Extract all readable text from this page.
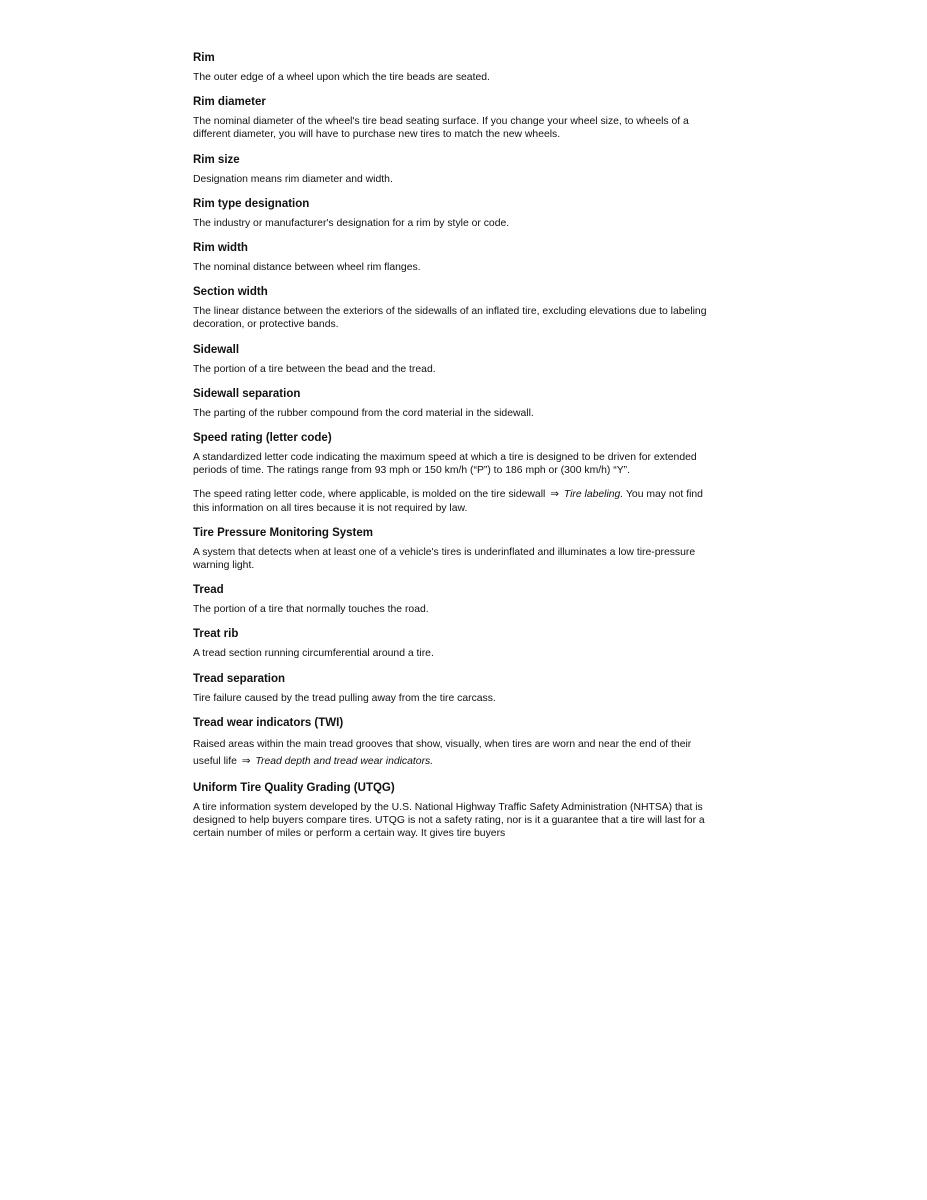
Rim

The outer edge of a wheel upon which the tire beads are seated.

Rim diameter

The nominal diameter of the wheel's tire bead seating surface. If you change your wheel size, to wheels of a different diameter, you will have to purchase new tires to match the new wheels.

Rim size

Designation means rim diameter and width.

Rim type designation

The industry or manufacturer's designation for a rim by style or code.

Rim width

The nominal distance between wheel rim flanges.

Section width

The linear distance between the exteriors of the sidewalls of an inflated tire, excluding elevations due to labeling decoration, or protective bands.

Sidewall

The portion of a tire between the bead and the tread.

Sidewall separation

The parting of the rubber compound from the cord material in the sidewall.

Speed rating (letter code)

A standardized letter code indicating the maximum speed at which a tire is designed to be driven for extended periods of time. The ratings range from 93 mph or 150 km/h (“P”) to 186 mph or (300 km/h) “Y”.

The speed rating letter code, where applicable, is molded on the tire sidewall ⇒ Tire labeling. You may not find this information on all tires because it is not required by law.

Tire Pressure Monitoring System

A system that detects when at least one of a vehicle's tires is underinflated and illuminates a low tire-pressure warning light.

Tread

The portion of a tire that normally touches the road.

Treat rib

A tread section running circumferential around a tire.

Tread separation

Tire failure caused by the tread pulling away from the tire carcass.

Tread wear indicators (TWI)

Raised areas within the main tread grooves that show, visually, when tires are worn and near the end of their useful life ⇒ Tread depth and tread wear indicators.

Uniform Tire Quality Grading (UTQG)

A tire information system developed by the U.S. National Highway Traffic Safety Administration (NHTSA) that is designed to help buyers compare tires. UTQG is not a safety rating, nor is it a guarantee that a tire will last for a certain number of miles or perform a certain way. It gives tire buyers
